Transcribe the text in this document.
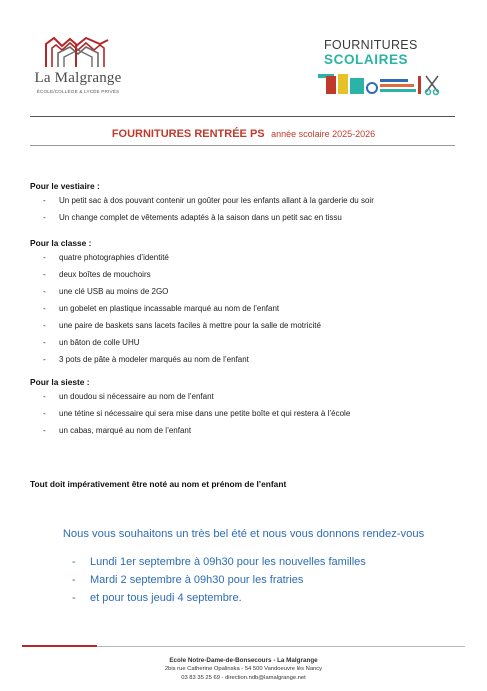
La Malgrange
ÉCOLE/COLLÈGE & LYCÉE PRIVÉS
FOURNITURES
SCOLAIRES
FOURNITURES RENTRÉE PS année scolaire 2025-2026
Pour le vestiaire :
- Un petit sac à dos pouvant contenir un goûter pour les enfants allant à la garderie du soir
- Un change complet de vêtements adaptés à la saison dans un petit sac en tissu
Pour la classe :
- quatre photographies d’identité
- deux boîtes de mouchoirs
- une clé USB au moins de 2GO
- un gobelet en plastique incassable marqué au nom de l’enfant
- une paire de baskets sans lacets faciles à mettre pour la salle de motricité
- un bâton de colle UHU
- 3 pots de pâte à modeler marqués au nom de l’enfant
Pour la sieste :
- un doudou si nécessaire au nom de l’enfant
- une tétine si nécessaire qui sera mise dans une petite boîte et qui restera à l’école
- un cabas, marqué au nom de l’enfant
Tout doit impérativement être noté au nom et prénom de l’enfant
Nous vous souhaitons un très bel été et nous vous donnons rendez-vous
- Lundi 1er septembre à 09h30 pour les nouvelles familles
- Mardi 2 septembre à 09h30 pour les fratries
- et pour tous jeudi 4 septembre.
Ecole Notre-Dame-de-Bonsecours - La Malgrange
2bis rue Catherine Opalinska - 54 500 Vandoeuvre lès Nancy
03 83 35 25 69 - direction.ndb@lamalgrange.net
